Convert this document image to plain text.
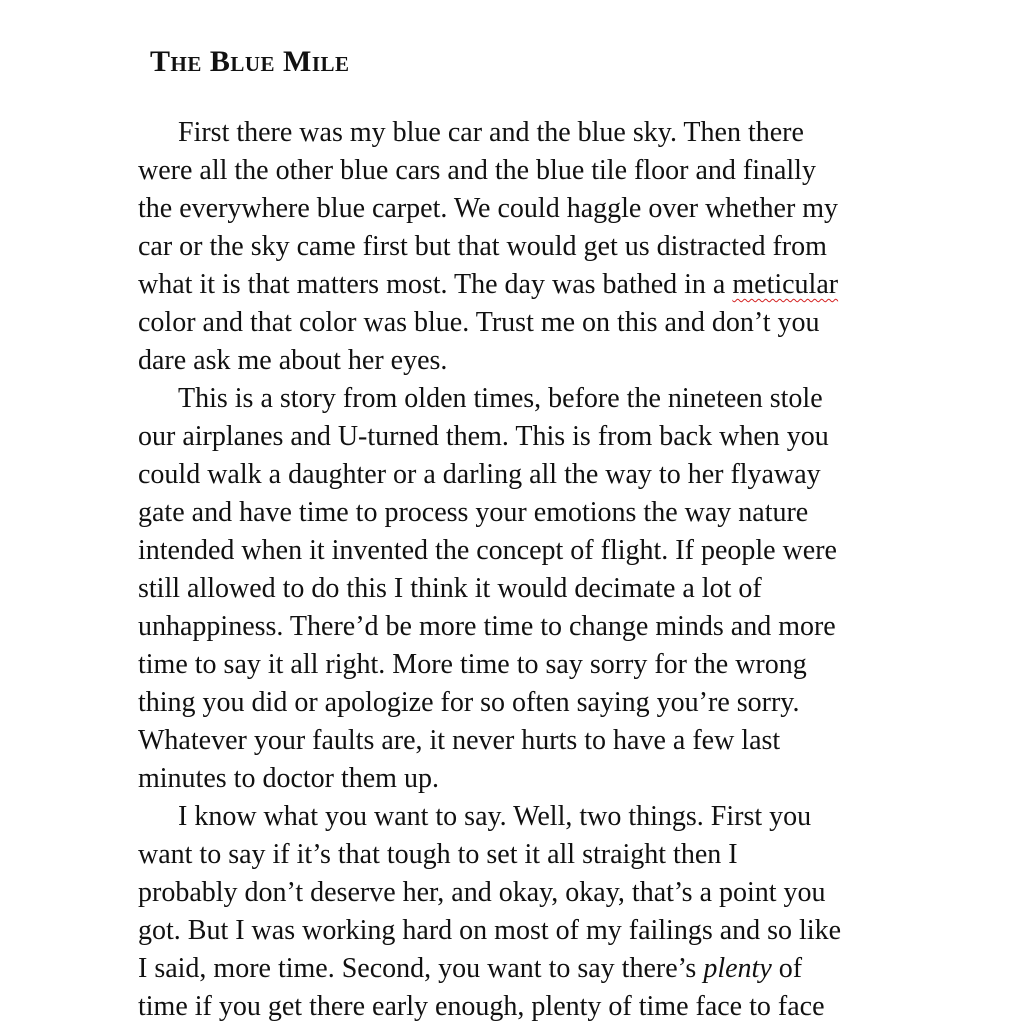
The Blue Mile
First there was my blue car and the blue sky. Then there
were all the other blue cars and the blue tile floor and finally
the everywhere blue carpet. We could haggle over whether my
car or the sky came first but that would get us distracted from
what it is that matters most. The day was bathed in a meticular
color and that color was blue. Trust me on this and don’t you
dare ask me about her eyes.
This is a story from olden times, before the nineteen stole
our airplanes and U-turned them. This is from back when you
could walk a daughter or a darling all the way to her flyaway
gate and have time to process your emotions the way nature
intended when it invented the concept of flight. If people were
still allowed to do this I think it would decimate a lot of
unhappiness. There’d be more time to change minds and more
time to say it all right. More time to say sorry for the wrong
thing you did or apologize for so often saying you’re sorry.
Whatever your faults are, it never hurts to have a few last
minutes to doctor them up.
I know what you want to say. Well, two things. First you
want to say if it’s that tough to set it all straight then I
probably don’t deserve her, and okay, okay, that’s a point you
got. But I was working hard on most of my failings and so like
I said, more time. Second, you want to say there’s plenty of
time if you get there early enough, plenty of time face to face
